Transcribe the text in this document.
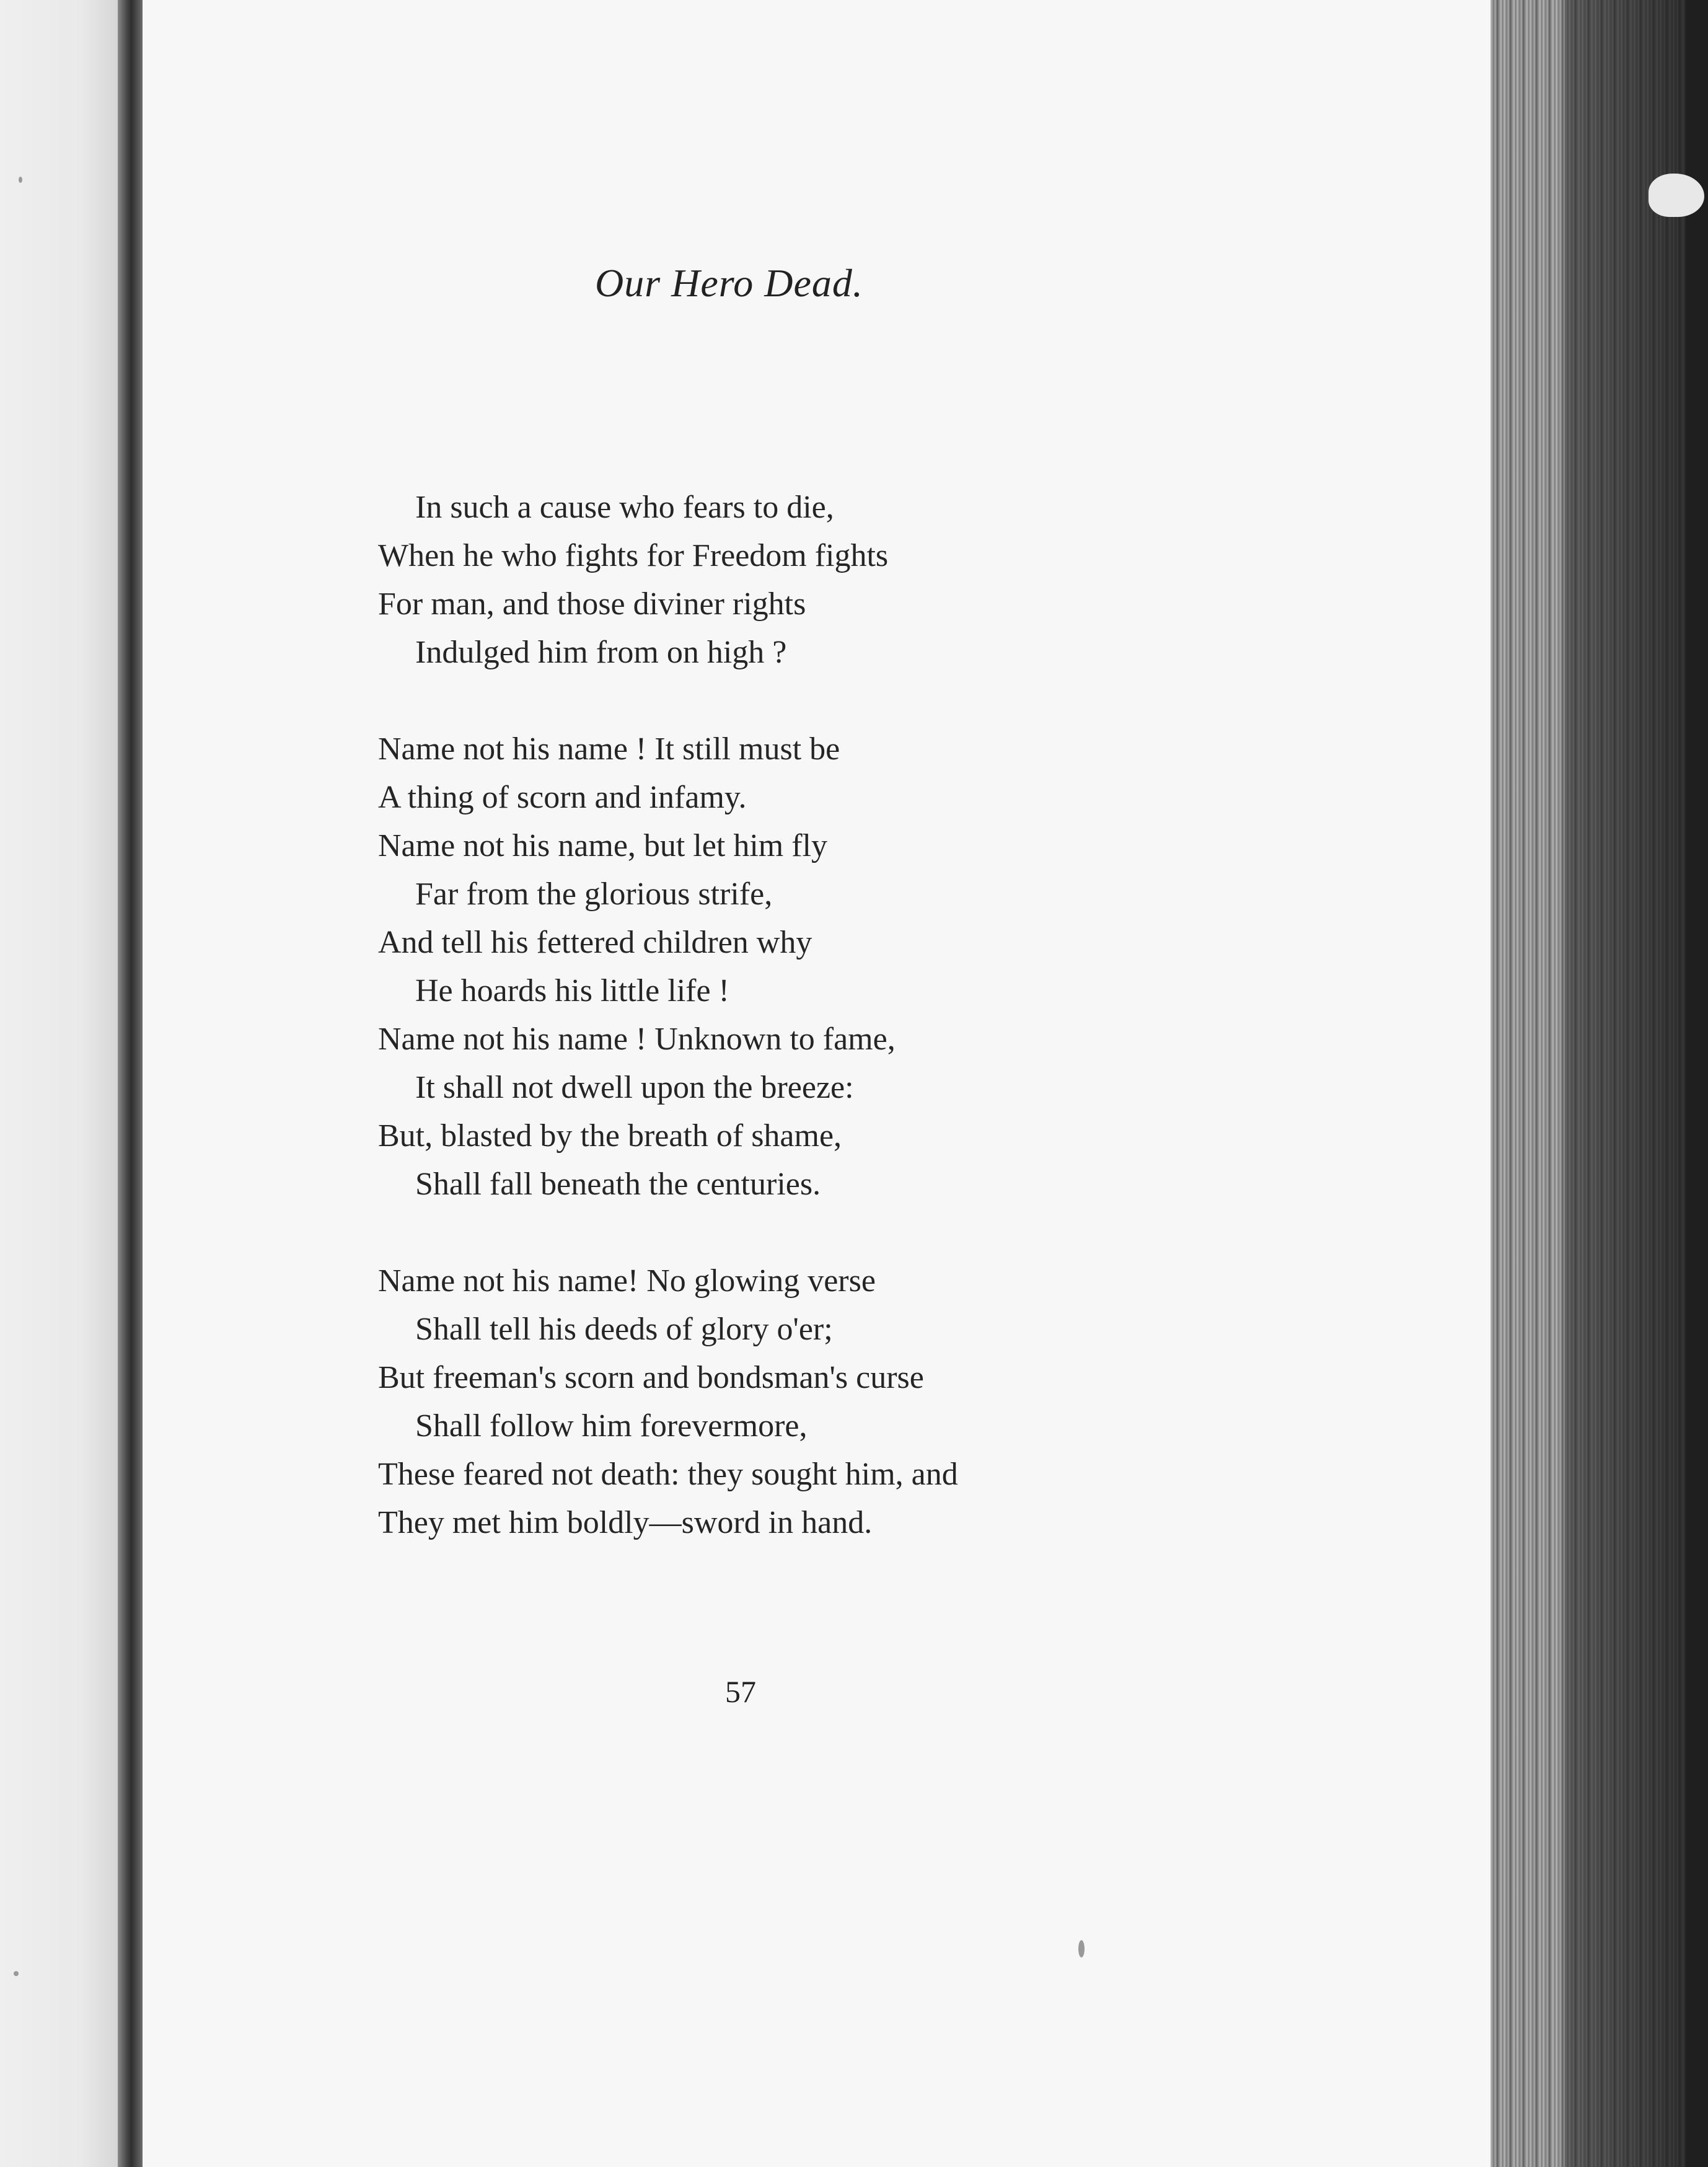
Our Hero Dead.
In such a cause who fears to die,
When he who fights for Freedom fights
For man, and those diviner rights
Indulged him from on high ?
Name not his name ! It still must be
A thing of scorn and infamy.
Name not his name, but let him fly
Far from the glorious strife,
And tell his fettered children why
He hoards his little life !
Name not his name ! Unknown to fame,
It shall not dwell upon the breeze:
But, blasted by the breath of shame,
Shall fall beneath the centuries.
Name not his name! No glowing verse
Shall tell his deeds of glory o'er;
But freeman's scorn and bondsman's curse
Shall follow him forevermore,
These feared not death: they sought him, and
They met him boldly—sword in hand.
57
